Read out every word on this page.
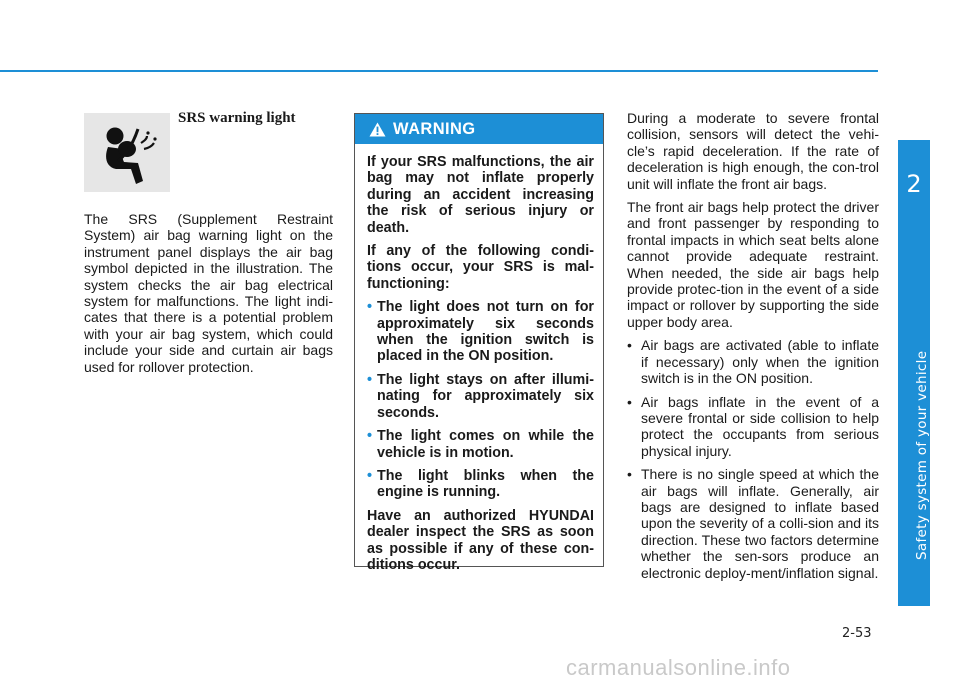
2
Safety system of your vehicle
SRS warning light
The SRS (Supplement Restraint System) air bag warning light on the instrument panel displays the air bag symbol depicted in the illustration. The system checks the air bag electrical system for malfunctions. The light indi-cates that there is a potential problem with your air bag system, which could include your side and curtain air bags used for rollover protection.
WARNING

If your SRS malfunctions, the air bag may not inflate properly during an accident increasing the risk of serious injury or death.

If any of the following condi-tions occur, your SRS is mal-functioning:

• The light does not turn on for approximately six seconds when the ignition switch is placed in the ON position.
• The light stays on after illumi-nating for approximately six seconds.
• The light comes on while the vehicle is in motion.
• The light blinks when the engine is running.

Have an authorized HYUNDAI dealer inspect the SRS as soon as possible if any of these con-ditions occur.

During a moderate to severe frontal collision, sensors will detect the vehi-cle’s rapid deceleration. If the rate of deceleration is high enough, the con-trol unit will inflate the front air bags.

The front air bags help protect the driver and front passenger by responding to frontal impacts in which seat belts alone cannot provide adequate restraint. When needed, the side air bags help provide protec-tion in the event of a side impact or rollover by supporting the side upper body area.

• Air bags are activated (able to inflate if necessary) only when the ignition switch is in the ON position.
• Air bags inflate in the event of a severe frontal or side collision to help protect the occupants from serious physical injury.
• There is no single speed at which the air bags will inflate. Generally, air bags are designed to inflate based upon the severity of a colli-sion and its direction. These two factors determine whether the sen-sors produce an electronic deploy-ment/inflation signal.
2-53
carmanualsonline.info
